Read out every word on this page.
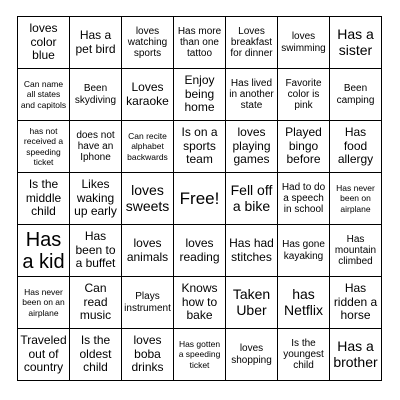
loves color blue
Has a pet bird
loves watching sports
Has more than one tattoo
Loves breakfast for dinner
loves swimming
Has a sister
Can name all states and capitols
Been skydiving
Loves karaoke
Enjoy being home
Has lived in another state
Favorite color is pink
Been camping
has not received a speeding ticket
does not have an Iphone
Can recite alphabet backwards
Is on a sports team
loves playing games
Played bingo before
Has food allergy
Is the middle child
Likes waking up early
loves sweets Free! Fell off a bike
Had to do a speech in school
Has never been on airplane
Has a kid
Has been to a buffet
loves animals
loves reading
Has had stitches
Has gone kayaking
Has mountain climbed
Has never been on an airplane
Can read music
Plays instrument
Knows how to bake
Taken Uber
has Netflix
Has ridden a horse
Traveled out of country
Is the oldest child
loves boba drinks
Has gotten a speeding ticket
loves shopping
Is the youngest child
Has a brother
